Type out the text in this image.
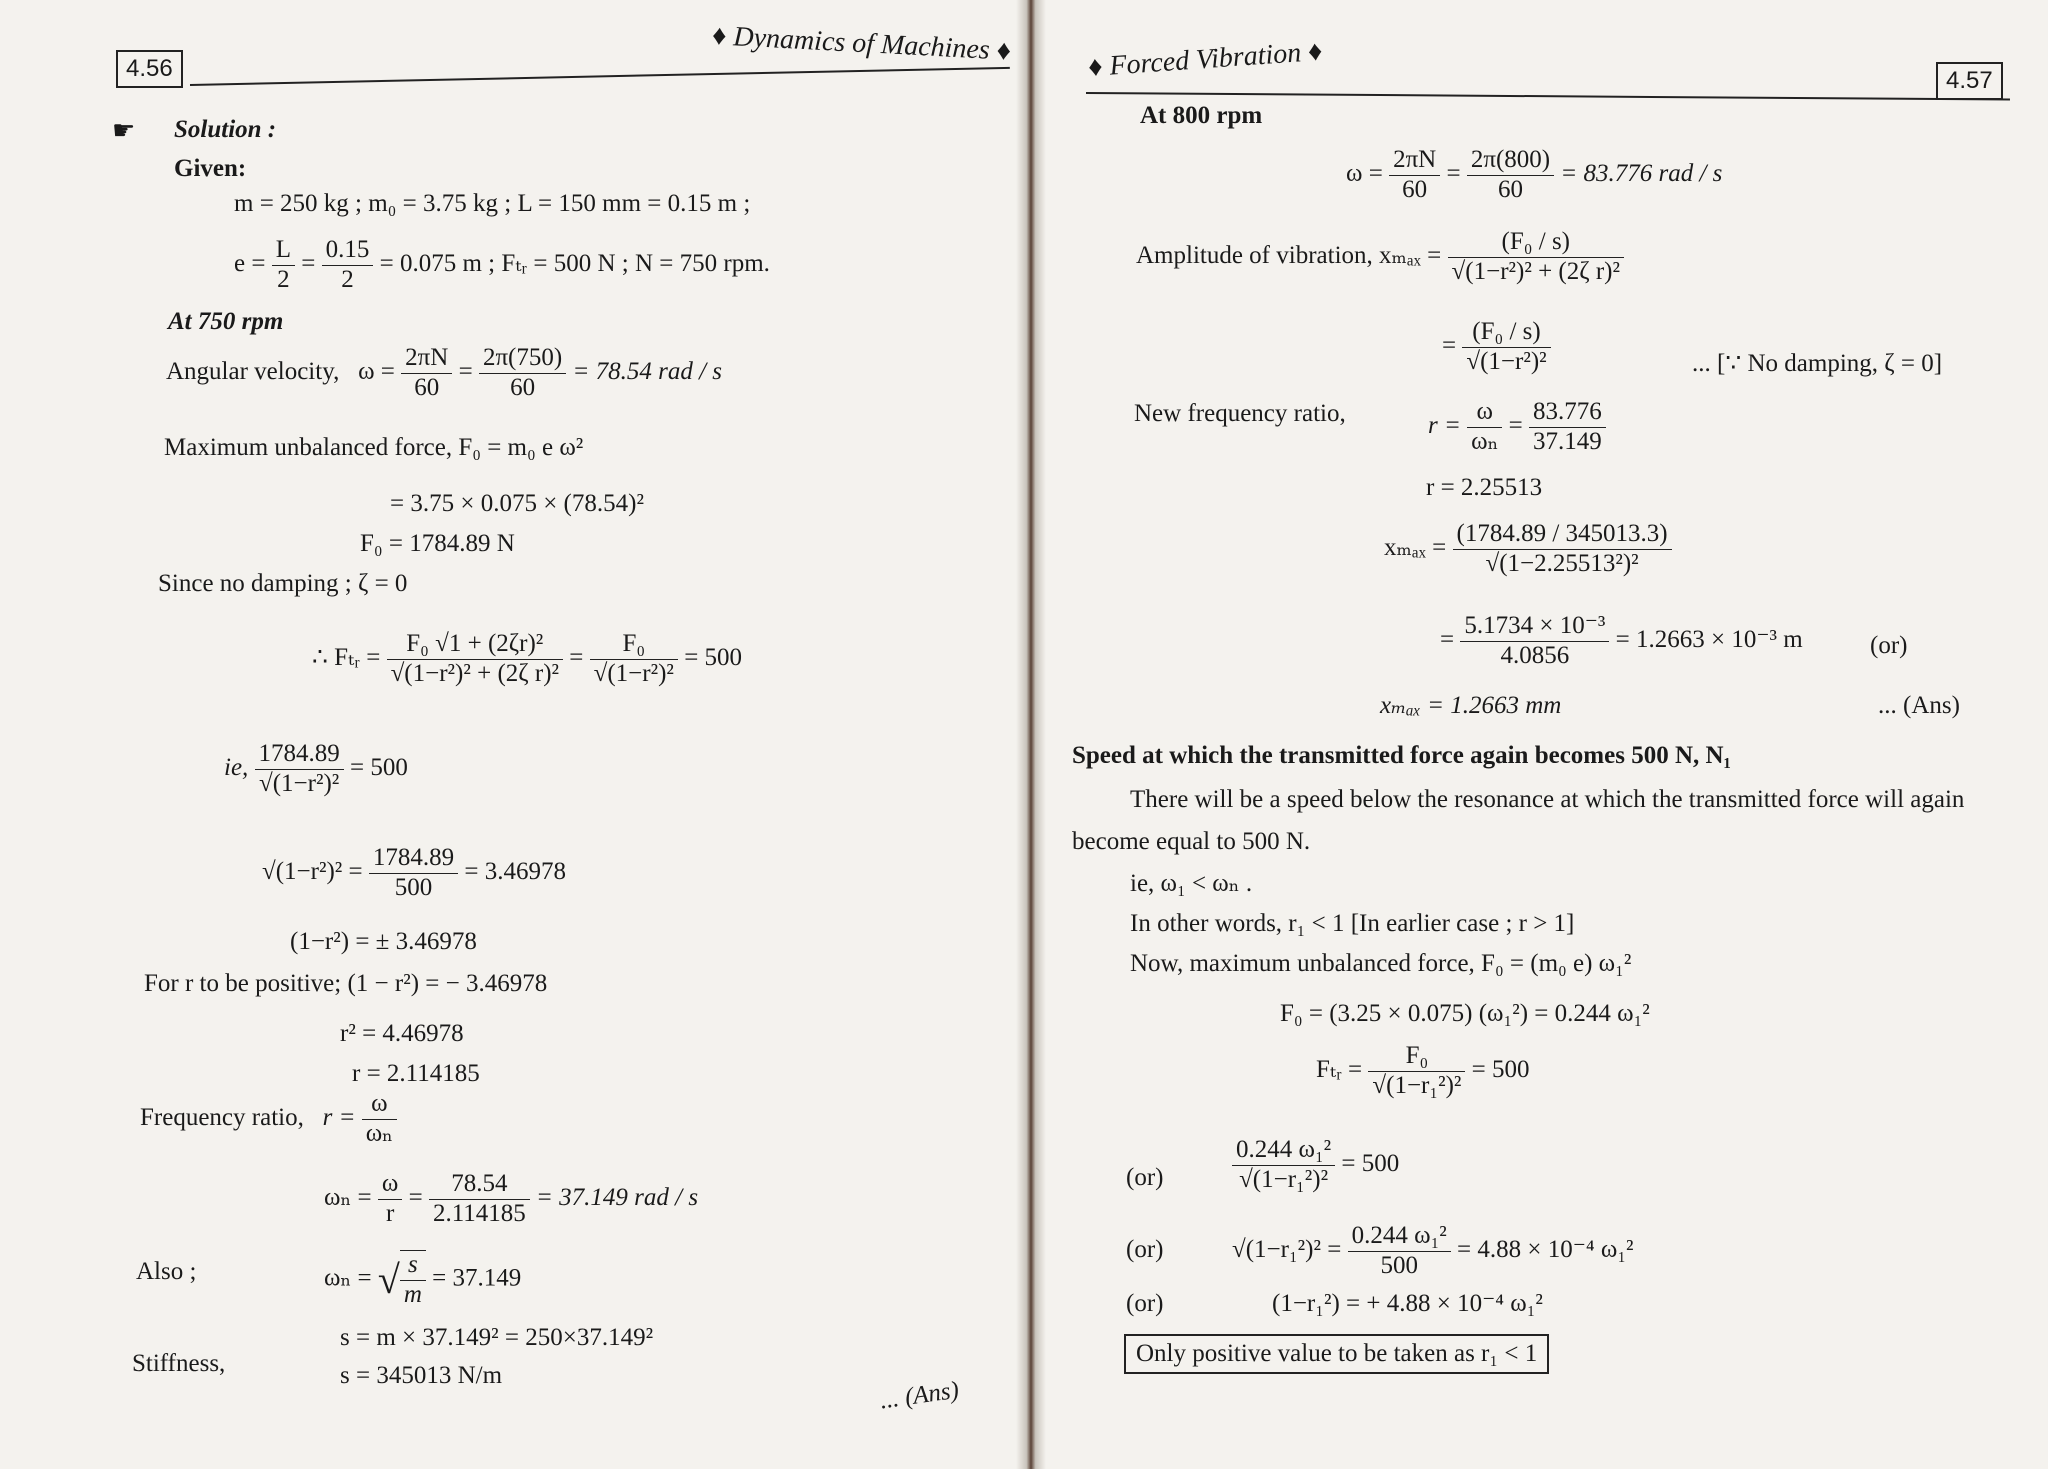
4.56
♦ Dynamics of Machines ♦
☛ Solution :
Given:
m = 250 kg ; m₀ = 3.75 kg ; L = 150 mm = 0.15 m ;
$e = \frac{L}{2} = \frac{0.15}{2} = 0.075$ m ; Fₜᵣ = 500 N ; N = 750 rpm.
At 750 rpm
Angular velocity, $\omega = \frac{2\pi N}{60} = \frac{2\pi(750)}{60} = 78.54$ rad / s
Maximum unbalanced force, F₀ = m₀ e ω²
= 3.75 × 0.075 × (78.54)²
F₀ = 1784.89 N
Since no damping ; ζ = 0
∴ Fₜᵣ = $\frac{\text{F₀ √1 + (2ζr)²}}{\text{√(1−r²)² + (2ζ r)²}} = \frac{\text{F₀}}{\text{√(1−r²)²}} = 500$
ie, $\frac{1784.89}{\text{√(1−r²)²}} = 500$
$√(1-r^2)^2 = \frac{1784.89}{500} = 3.46978$
(1−r²) = ± 3.46978
For r to be positive; (1 − r²) = − 3.46978
r² = 4.46978
r = 2.114185
Frequency ratio, $r = \frac{\omega}{\text{ωₙ}}$
$\omega_n = \frac{\omega}{r} = \frac{78.54}{2.114185} = 37.149$ rad / s
Also ;	ωₙ = √ $\frac{s}{m} = 37.149$
s = m × 37.149² = 250×37.149²
Stiffness,	s = 345013 N/m
... (Ans)
♦ Forced Vibration ♦	4.57
At 800 rpm
$\omega = \frac{2\pi N}{60} = \frac{2\pi(800)}{60} = 83.776$ rad / s
Amplitude of vibration, $x_{max} = \frac{\text{(F₀ / s)}}{\text{√(1−r²)² + (2ζ r)²}}$
= $\frac{\text{(F₀ / s)}}{\text{√(1−r²)²}}$	... [∵ No damping, ζ = 0]
New frequency ratio,	$r = \frac{\omega}{\text{ωₙ}} = \frac{83.776}{37.149}$
r = 2.25513
$x_{max} = \frac{(1784.89 / 345013.3)}{\text{√(1−2.25513²)²}}$
= $\frac{\text{5.1734 × 10⁻³}}{4.0856} = 1.2663 \times 10^{-3}$ m	(or)
xₘₐₓ = 1.2663 mm	... (Ans)
Speed at which the transmitted force again becomes 500 N, N₁
There will be a speed below the resonance at which the transmitted force will again
become equal to 500 N.
ie, ω₁ < ωₙ .
In other words, r₁ < 1 [In earlier case ; r > 1]
Now, maximum unbalanced force, F₀ = (m₀ e) ω₁²
F₀ = (3.25 × 0.075) (ω₁²) = 0.244 ω₁²
Fₜᵣ = $\frac{\text{F₀}}{\text{√(1−r₁²)²}} = 500$
(or)	$\frac{\text{0.244 ω₁²}}{\text{√(1−r₁²)²}} = 500$
(or)	$√(1-r_1^2)^2 = \frac{\text{0.244 ω₁²}}{500} = 4.88 \times 10^{-4}$ ω₁²
(or)	(1−r₁²) = + 4.88 × 10⁻⁴ ω₁²
Only positive value to be taken as r₁ < 1
